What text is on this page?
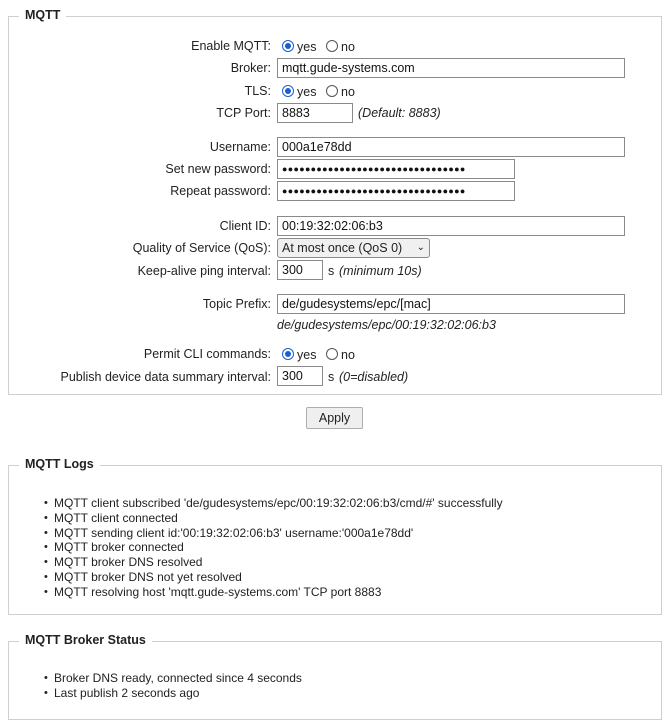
MQTT
Enable MQTT: yes no
Broker: mqtt.gude-systems.com
TLS: yes no
TCP Port: 8883	(Default: 8883)
Username: 000a1e78dd
Set new password:	●●●●●●●●●●●●●●●●●●●●●●●●●●●●●●●●
Repeat password:	●●●●●●●●●●●●●●●●●●●●●●●●●●●●●●●●
Client ID: 00:19:32:02:06:b3
Quality of Service (QoS): At most once (QoS 0) ⌄
Keep-alive ping interval: 300	s (minimum 10s)
Topic Prefix: de/gudesystems/epc/[mac]
de/gudesystems/epc/00:19:32:02:06:b3
Permit CLI commands: yes no
Publish device data summary interval: 300	s (0=disabled)
Apply
MQTT Logs
• MQTT client subscribed 'de/gudesystems/epc/00:19:32:02:06:b3/cmd/#' successfully
• MQTT client connected
• MQTT sending client id:'00:19:32:02:06:b3' username:'000a1e78dd'
• MQTT broker connected
• MQTT broker DNS resolved
• MQTT broker DNS not yet resolved
• MQTT resolving host 'mqtt.gude-systems.com' TCP port 8883
MQTT Broker Status
• Broker DNS ready, connected since 4 seconds
• Last publish 2 seconds ago
